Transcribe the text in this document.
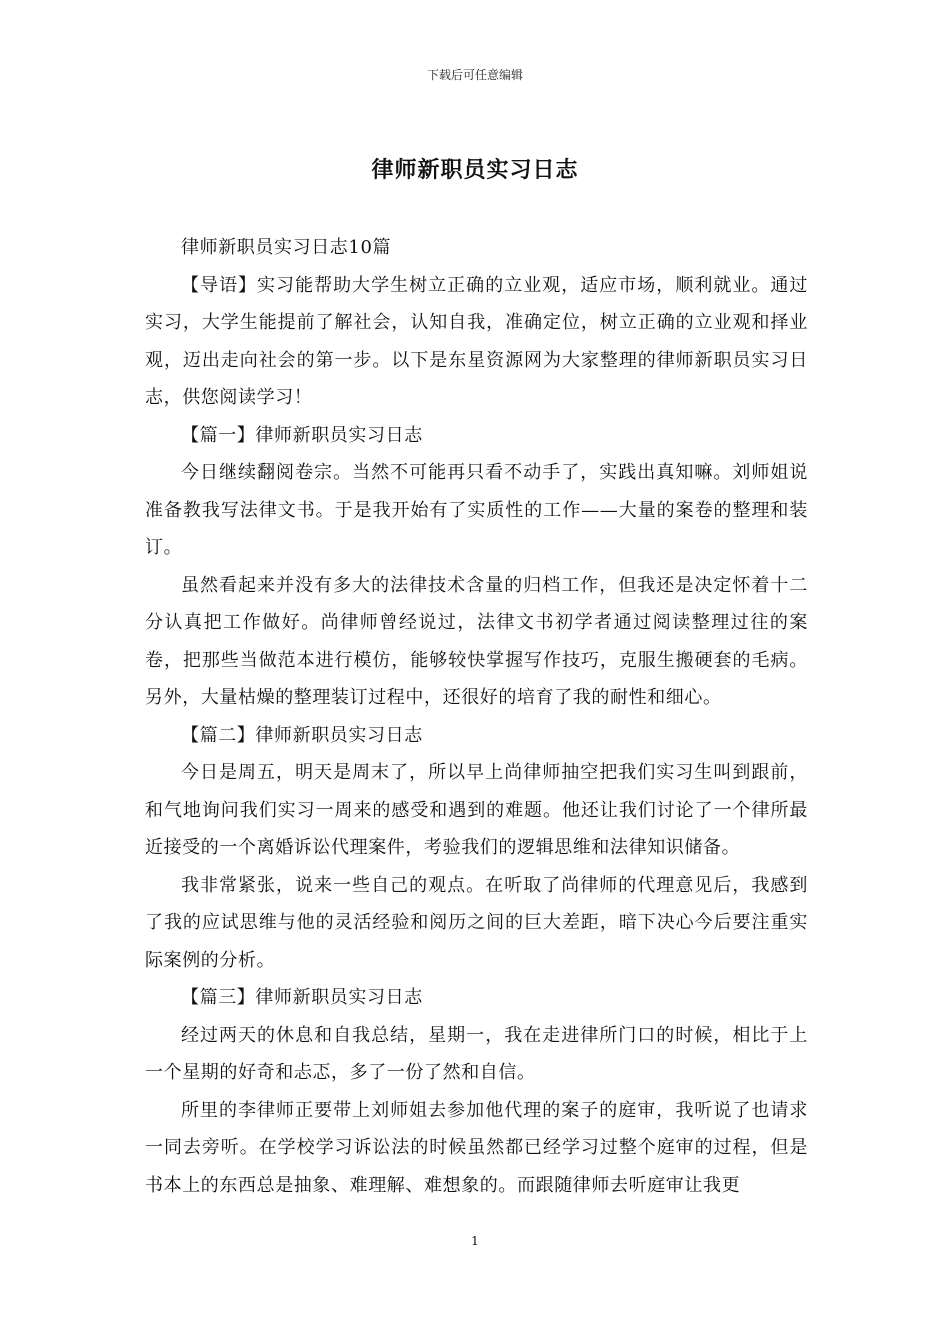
下载后可任意编辑
律师新职员实习日志

律师新职员实习日志10篇

【导语】实习能帮助大学生树立正确的立业观，适应市场，顺利就业。通过实习，大学生能提前了解社会，认知自我，准确定位，树立正确的立业观和择业观，迈出走向社会的第一步。以下是东星资源网为大家整理的律师新职员实习日志，供您阅读学习！

【篇一】律师新职员实习日志

今日继续翻阅卷宗。当然不可能再只看不动手了，实践出真知嘛。刘师姐说准备教我写法律文书。于是我开始有了实质性的工作——大量的案卷的整理和装订。

虽然看起来并没有多大的法律技术含量的归档工作，但我还是决定怀着十二分认真把工作做好。尚律师曾经说过，法律文书初学者通过阅读整理过往的案卷，把那些当做范本进行模仿，能够较快掌握写作技巧，克服生搬硬套的毛病。另外，大量枯燥的整理装订过程中，还很好的培育了我的耐性和细心。

【篇二】律师新职员实习日志

今日是周五，明天是周末了，所以早上尚律师抽空把我们实习生叫到跟前，和气地询问我们实习一周来的感受和遇到的难题。他还让我们讨论了一个律所最近接受的一个离婚诉讼代理案件，考验我们的逻辑思维和法律知识储备。

我非常紧张，说来一些自己的观点。在听取了尚律师的代理意见后，我感到了我的应试思维与他的灵活经验和阅历之间的巨大差距，暗下决心今后要注重实际案例的分析。

【篇三】律师新职员实习日志

经过两天的休息和自我总结，星期一，我在走进律所门口的时候，相比于上一个星期的好奇和忐忑，多了一份了然和自信。

所里的李律师正要带上刘师姐去参加他代理的案子的庭审，我听说了也请求一同去旁听。在学校学习诉讼法的时候虽然都已经学习过整个庭审的过程，但是书本上的东西总是抽象、难理解、难想象的。而跟随律师去听庭审让我更

1
